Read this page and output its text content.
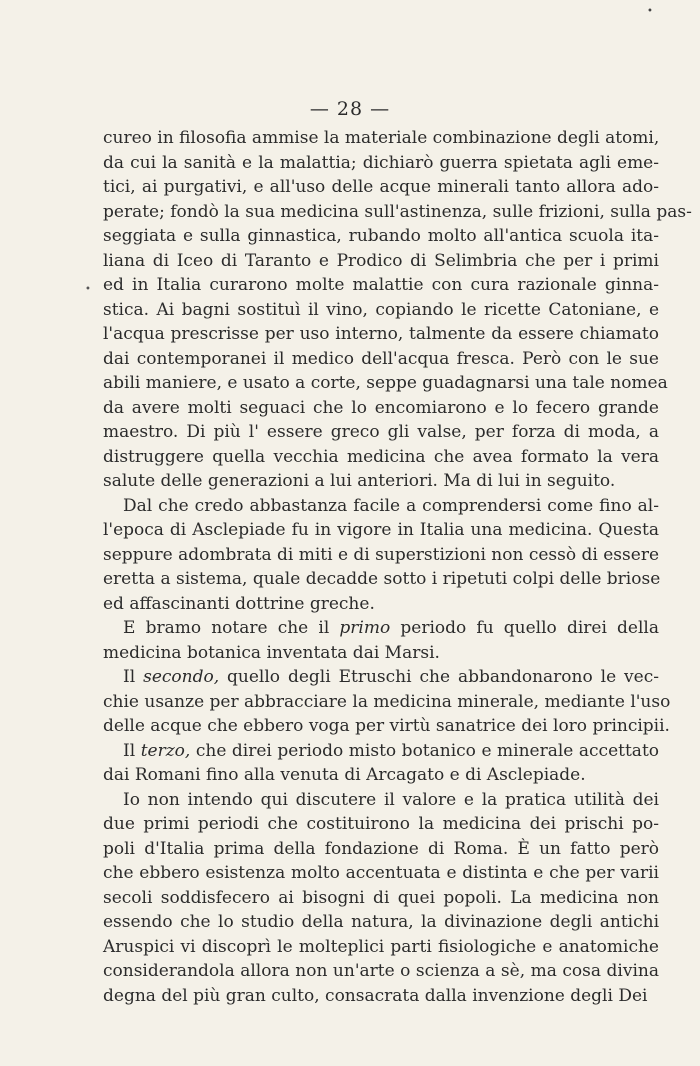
•
•
— 28 —
cureo in filosofia ammise la materiale combinazione degli atomi,
da cui la sanità e la malattia; dichiarò guerra spietata agli eme-
tici, ai purgativi, e all'uso delle acque minerali tanto allora ado-
perate; fondò la sua medicina sull'astinenza, sulle frizioni, sulla pas-
seggiata e sulla ginnastica, rubando molto all'antica scuola ita-
liana di Iceo di Taranto e Prodico di Selimbria che per i primi
ed in Italia curarono molte malattie con cura razionale ginna-
stica. Ai bagni sostituì il vino, copiando le ricette Catoniane, e
l'acqua prescrisse per uso interno, talmente da essere chiamato
dai contemporanei il medico dell'acqua fresca. Però con le sue
abili maniere, e usato a corte, seppe guadagnarsi una tale nomea
da avere molti seguaci che lo encomiarono e lo fecero grande
maestro. Di più l' essere greco gli valse, per forza di moda, a
distruggere quella vecchia medicina che avea formato la vera
salute delle generazioni a lui anteriori. Ma di lui in seguito.
Dal che credo abbastanza facile a comprendersi come fino al-
l'epoca di Asclepiade fu in vigore in Italia una medicina. Questa
seppure adombrata di miti e di superstizioni non cessò di essere
eretta a sistema, quale decadde sotto i ripetuti colpi delle briose
ed affascinanti dottrine greche.
E bramo notare che il primo periodo fu quello direi della
medicina botanica inventata dai Marsi.
Il secondo, quello degli Etruschi che abbandonarono le vec-
chie usanze per abbracciare la medicina minerale, mediante l'uso
delle acque che ebbero voga per virtù sanatrice dei loro principii.
Il terzo, che direi periodo misto botanico e minerale accettato
dai Romani fino alla venuta di Arcagato e di Asclepiade.
Io non intendo qui discutere il valore e la pratica utilità dei
due primi periodi che costituirono la medicina dei prischi po-
poli d'Italia prima della fondazione di Roma. È un fatto però
che ebbero esistenza molto accentuata e distinta e che per varii
secoli soddisfecero ai bisogni di quei popoli. La medicina non
essendo che lo studio della natura, la divinazione degli antichi
Aruspici vi discoprì le molteplici parti fisiologiche e anatomiche
considerandola allora non un'arte o scienza a sè, ma cosa divina
degna del più gran culto, consacrata dalla invenzione degli Dei
